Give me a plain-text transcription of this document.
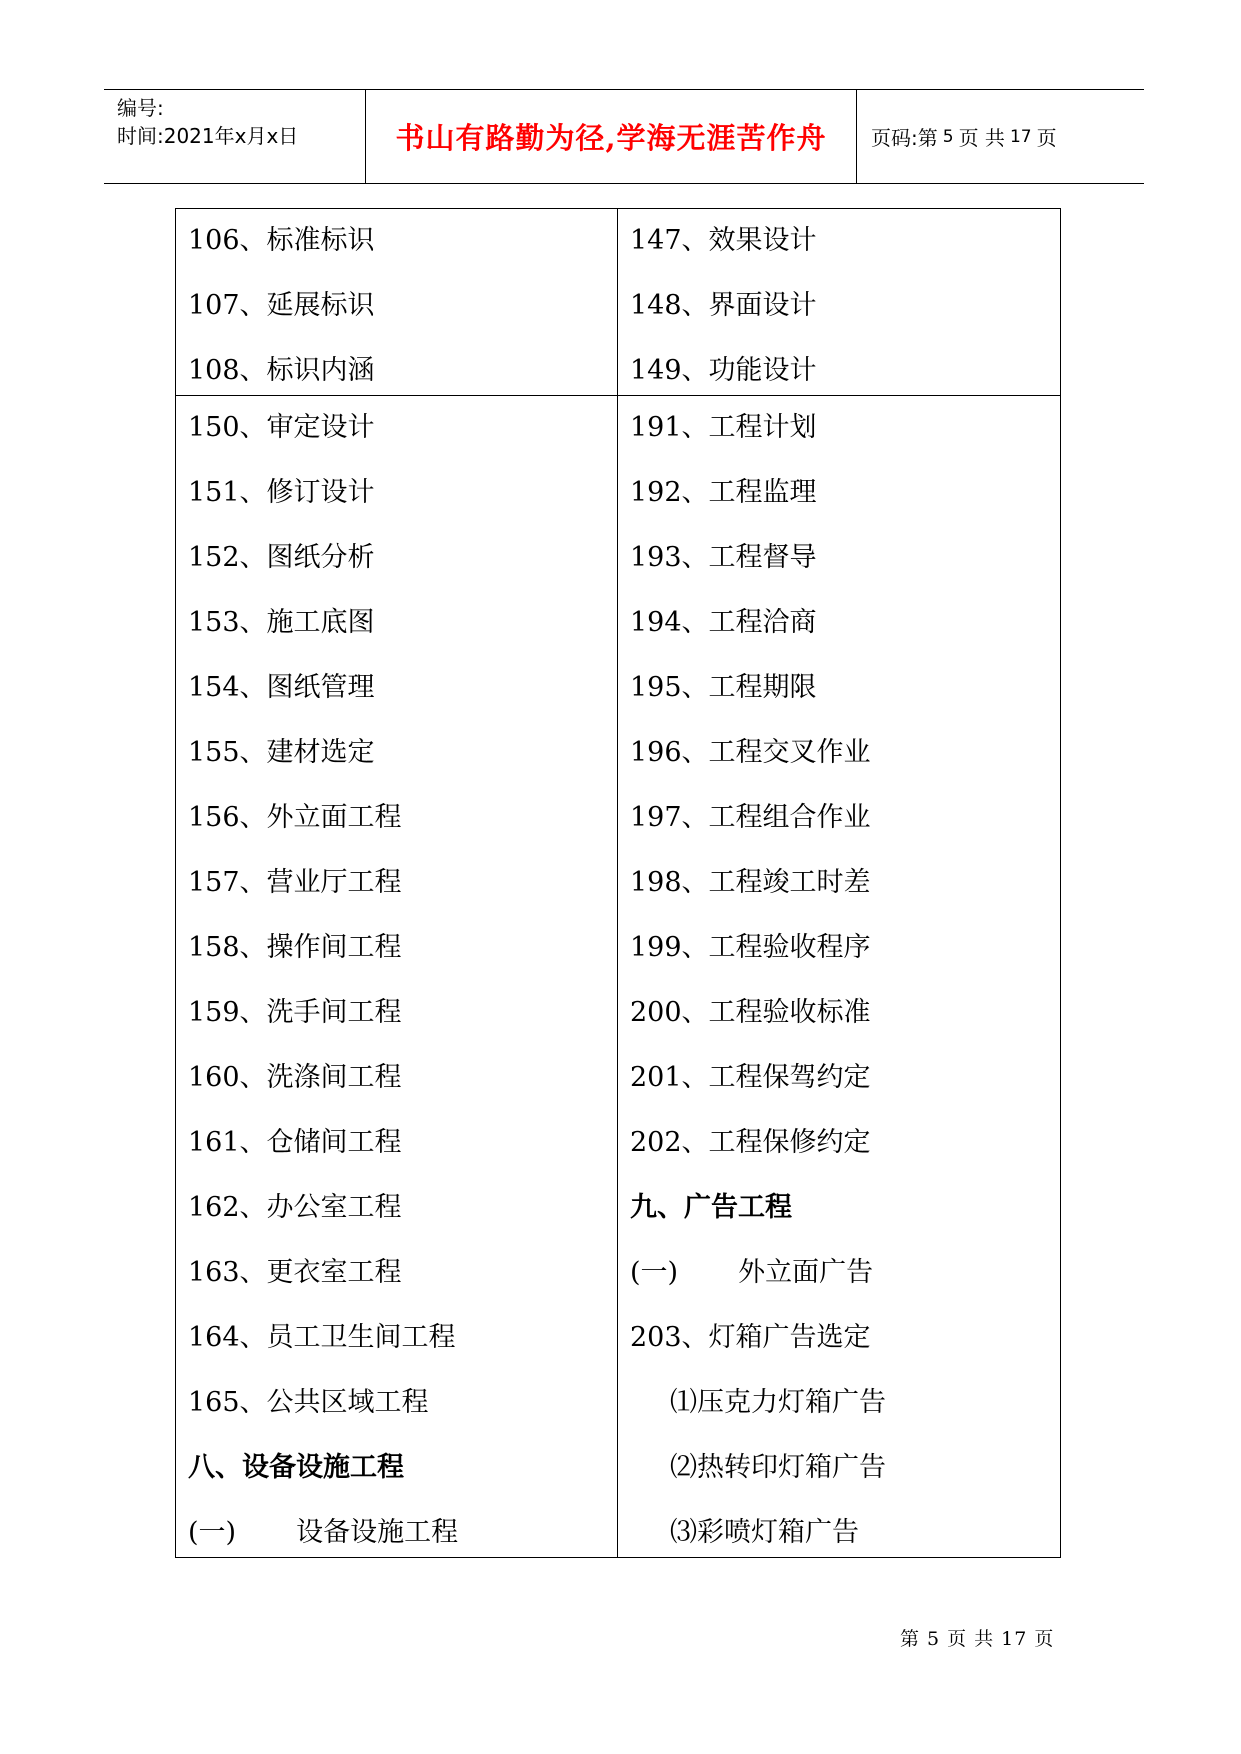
编号:
时间:2021年x月x日	书山有路勤为径,学海无涯苦作舟	页码:第 5 页 共 17 页
106、标准标识
107、延展标识
108、标识内涵
147、效果设计
148、界面设计
149、功能设计
150、审定设计
151、修订设计
152、图纸分析
153、施工底图
154、图纸管理
155、建材选定
156、外立面工程
157、营业厅工程
158、操作间工程
159、洗手间工程
160、洗涤间工程
161、仓储间工程
162、办公室工程
163、更衣室工程
164、员工卫生间工程
165、公共区域工程
八、设备设施工程
(一) 设备设施工程
191、工程计划
192、工程监理
193、工程督导
194、工程洽商
195、工程期限
196、工程交叉作业
197、工程组合作业
198、工程竣工时差
199、工程验收程序
200、工程验收标准
201、工程保驾约定
202、工程保修约定
九、广告工程
(一) 外立面广告
203、灯箱广告选定
⑴压克力灯箱广告
⑵热转印灯箱广告
⑶彩喷灯箱广告
第 5 页 共 17 页
